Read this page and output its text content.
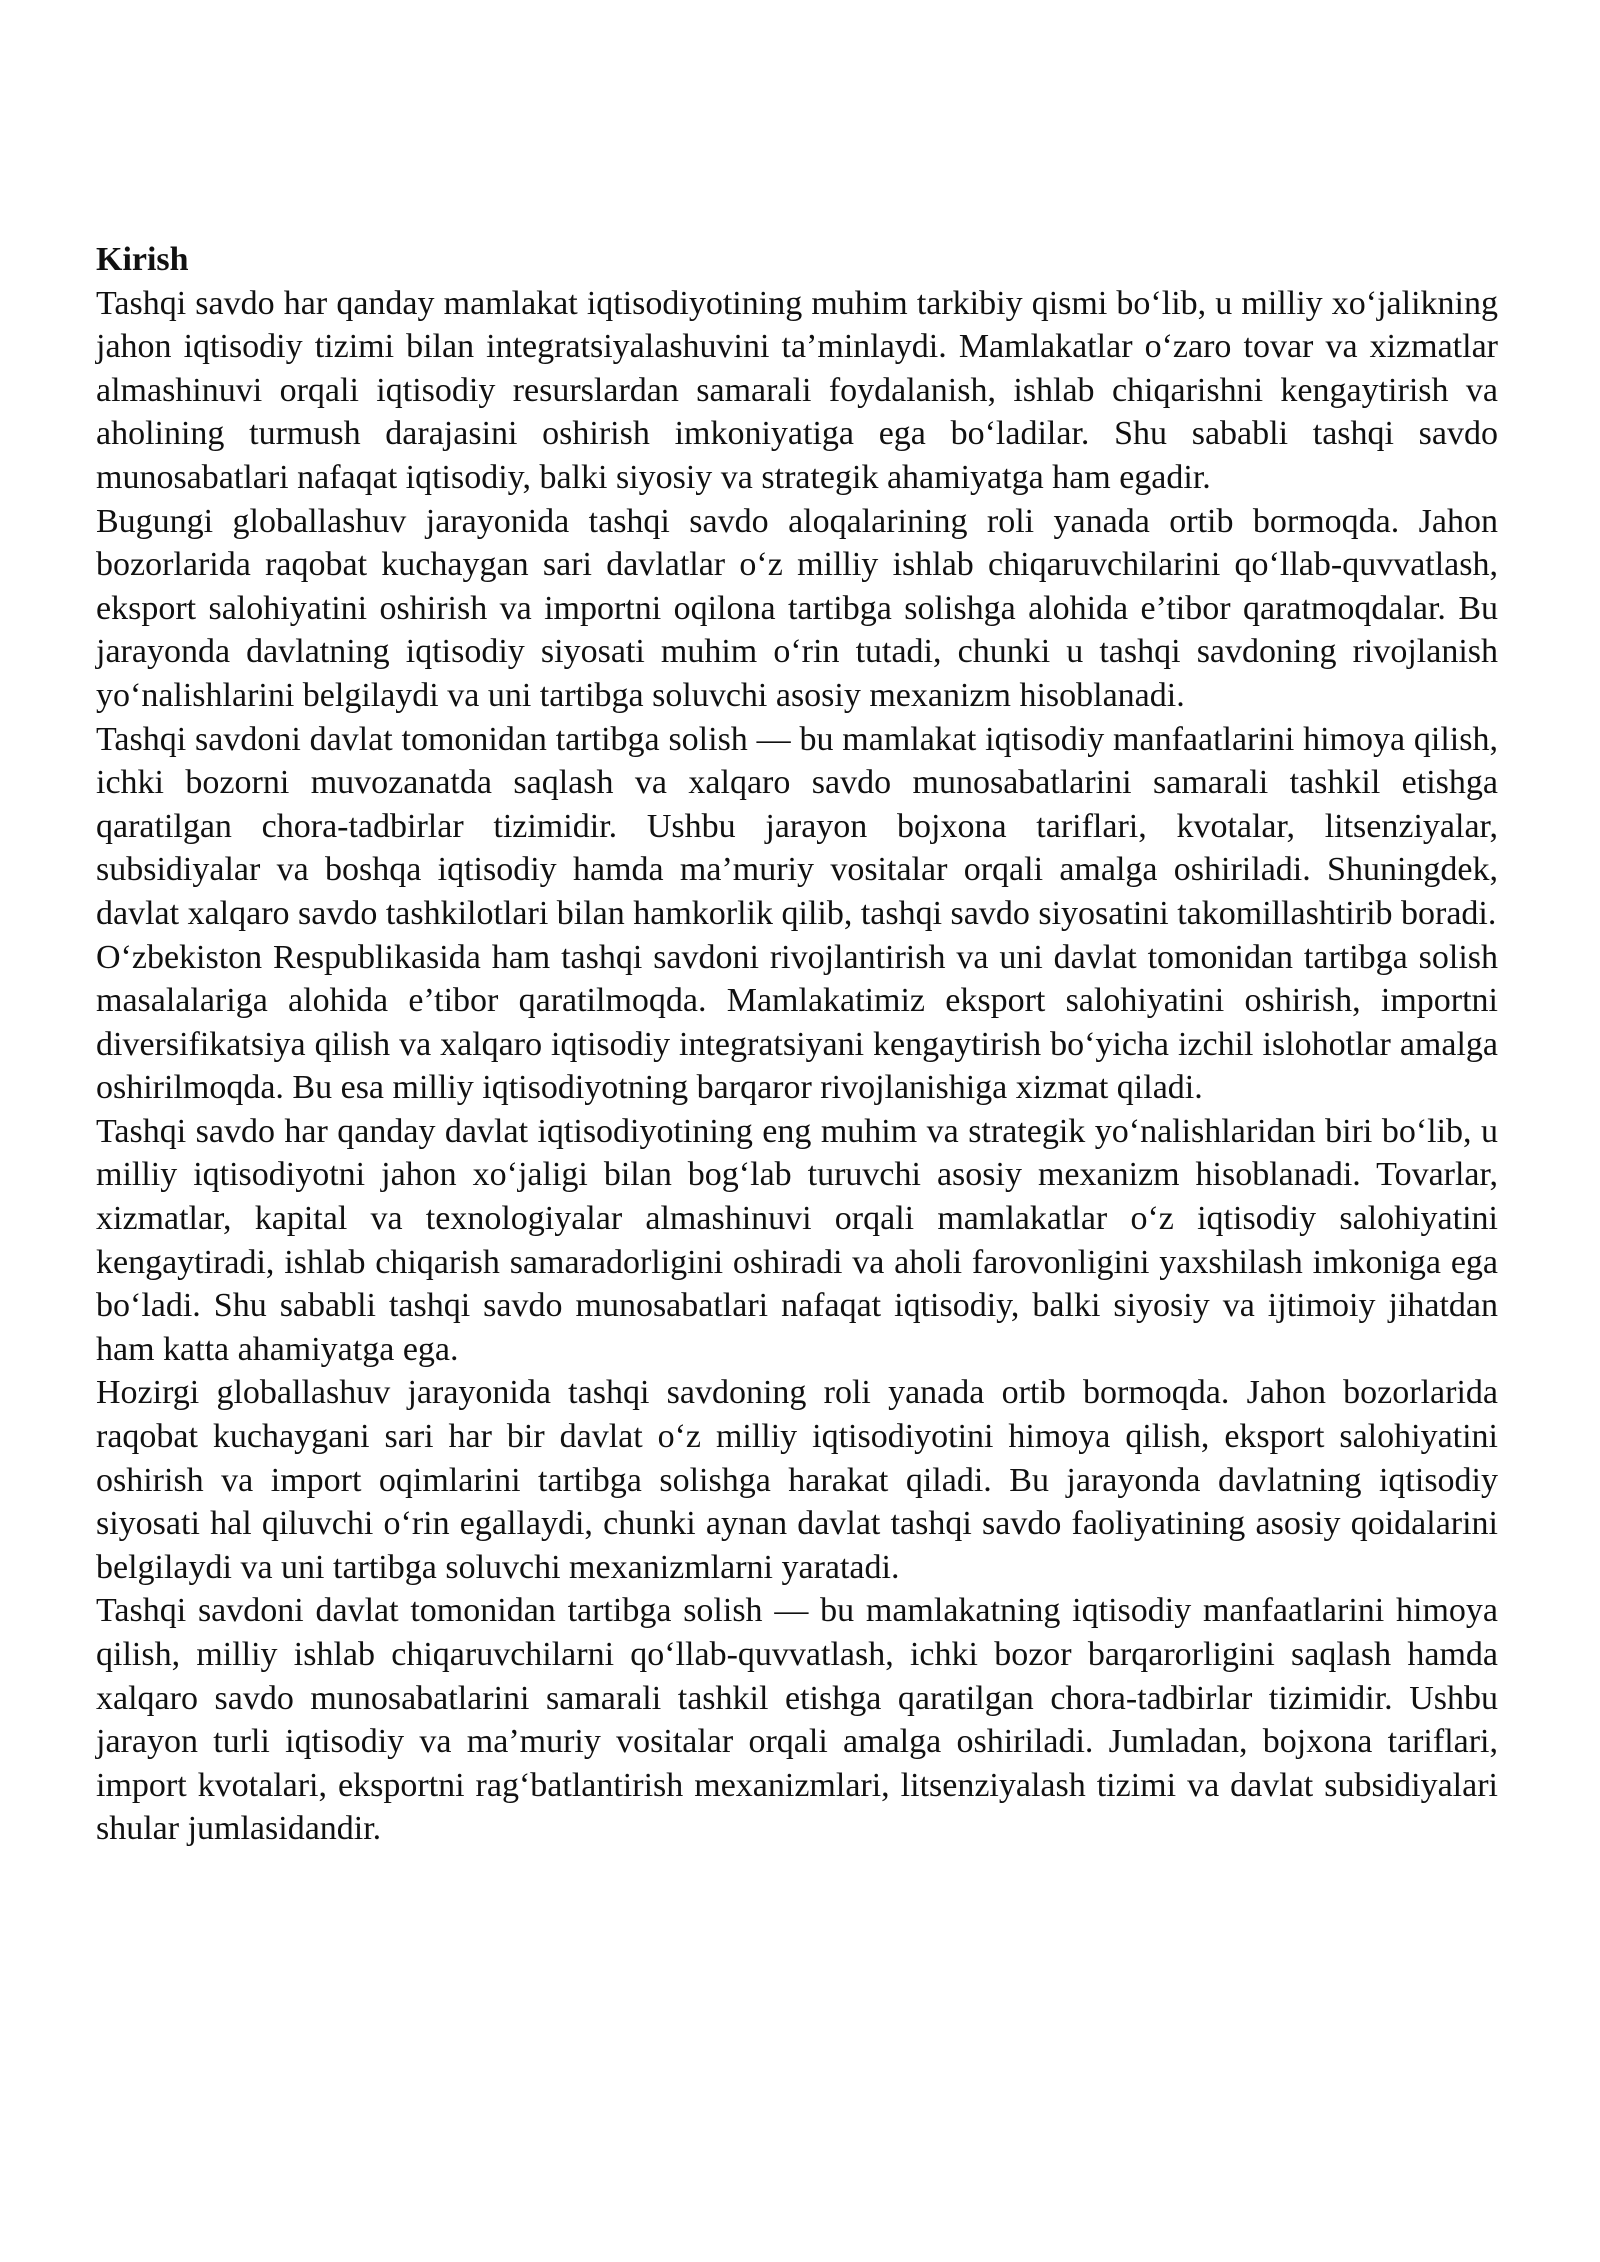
Kirish

Tashqi savdo har qanday mamlakat iqtisodiyotining muhim tarkibiy qismi bo‘lib, u milliy xo‘jalikning jahon iqtisodiy tizimi bilan integratsiyalashuvini ta’minlaydi. Mamlakatlar o‘zaro tovar va xizmatlar almashinuvi orqali iqtisodiy resurslardan samarali foydalanish, ishlab chiqarishni kengaytirish va aholining turmush darajasini oshirish imkoniyatiga ega bo‘ladilar. Shu sababli tashqi savdo munosabatlari nafaqat iqtisodiy, balki siyosiy va strategik ahamiyatga ham egadir.

Bugungi globallashuv jarayonida tashqi savdo aloqalarining roli yanada ortib bormoqda. Jahon bozorlarida raqobat kuchaygan sari davlatlar o‘z milliy ishlab chiqaruvchilarini qo‘llab-quvvatlash, eksport salohiyatini oshirish va importni oqilona tartibga solishga alohida e’tibor qaratmoqdalar. Bu jarayonda davlatning iqtisodiy siyosati muhim o‘rin tutadi, chunki u tashqi savdoning rivojlanish yo‘nalishlarini belgilaydi va uni tartibga soluvchi asosiy mexanizm hisoblanadi.

Tashqi savdoni davlat tomonidan tartibga solish — bu mamlakat iqtisodiy manfaatlarini himoya qilish, ichki bozorni muvozanatda saqlash va xalqaro savdo munosabatlarini samarali tashkil etishga qaratilgan chora-tadbirlar tizimidir. Ushbu jarayon bojxona tariflari, kvotalar, litsenziyalar, subsidiyalar va boshqa iqtisodiy hamda ma’muriy vositalar orqali amalga oshiriladi. Shuningdek, davlat xalqaro savdo tashkilotlari bilan hamkorlik qilib, tashqi savdo siyosatini takomillashtirib boradi.

O‘zbekiston Respublikasida ham tashqi savdoni rivojlantirish va uni davlat tomonidan tartibga solish masalalariga alohida e’tibor qaratilmoqda. Mamlakatimiz eksport salohiyatini oshirish, importni diversifikatsiya qilish va xalqaro iqtisodiy integratsiyani kengaytirish bo‘yicha izchil islohotlar amalga oshirilmoqda. Bu esa milliy iqtisodiyotning barqaror rivojlanishiga xizmat qiladi.

Tashqi savdo har qanday davlat iqtisodiyotining eng muhim va strategik yo‘nalishlaridan biri bo‘lib, u milliy iqtisodiyotni jahon xo‘jaligi bilan bog‘lab turuvchi asosiy mexanizm hisoblanadi. Tovarlar, xizmatlar, kapital va texnologiyalar almashinuvi orqali mamlakatlar o‘z iqtisodiy salohiyatini kengaytiradi, ishlab chiqarish samaradorligini oshiradi va aholi farovonligini yaxshilash imkoniga ega bo‘ladi. Shu sababli tashqi savdo munosabatlari nafaqat iqtisodiy, balki siyosiy va ijtimoiy jihatdan ham katta ahamiyatga ega.

Hozirgi globallashuv jarayonida tashqi savdoning roli yanada ortib bormoqda. Jahon bozorlarida raqobat kuchaygani sari har bir davlat o‘z milliy iqtisodiyotini himoya qilish, eksport salohiyatini oshirish va import oqimlarini tartibga solishga harakat qiladi. Bu jarayonda davlatning iqtisodiy siyosati hal qiluvchi o‘rin egallaydi, chunki aynan davlat tashqi savdo faoliyatining asosiy qoidalarini belgilaydi va uni tartibga soluvchi mexanizmlarni yaratadi.

Tashqi savdoni davlat tomonidan tartibga solish — bu mamlakatning iqtisodiy manfaatlarini himoya qilish, milliy ishlab chiqaruvchilarni qo‘llab-quvvatlash, ichki bozor barqarorligini saqlash hamda xalqaro savdo munosabatlarini samarali tashkil etishga qaratilgan chora-tadbirlar tizimidir. Ushbu jarayon turli iqtisodiy va ma’muriy vositalar orqali amalga oshiriladi. Jumladan, bojxona tariflari, import kvotalari, eksportni rag‘batlantirish mexanizmlari, litsenziyalash tizimi va davlat subsidiyalari shular jumlasidandir.
